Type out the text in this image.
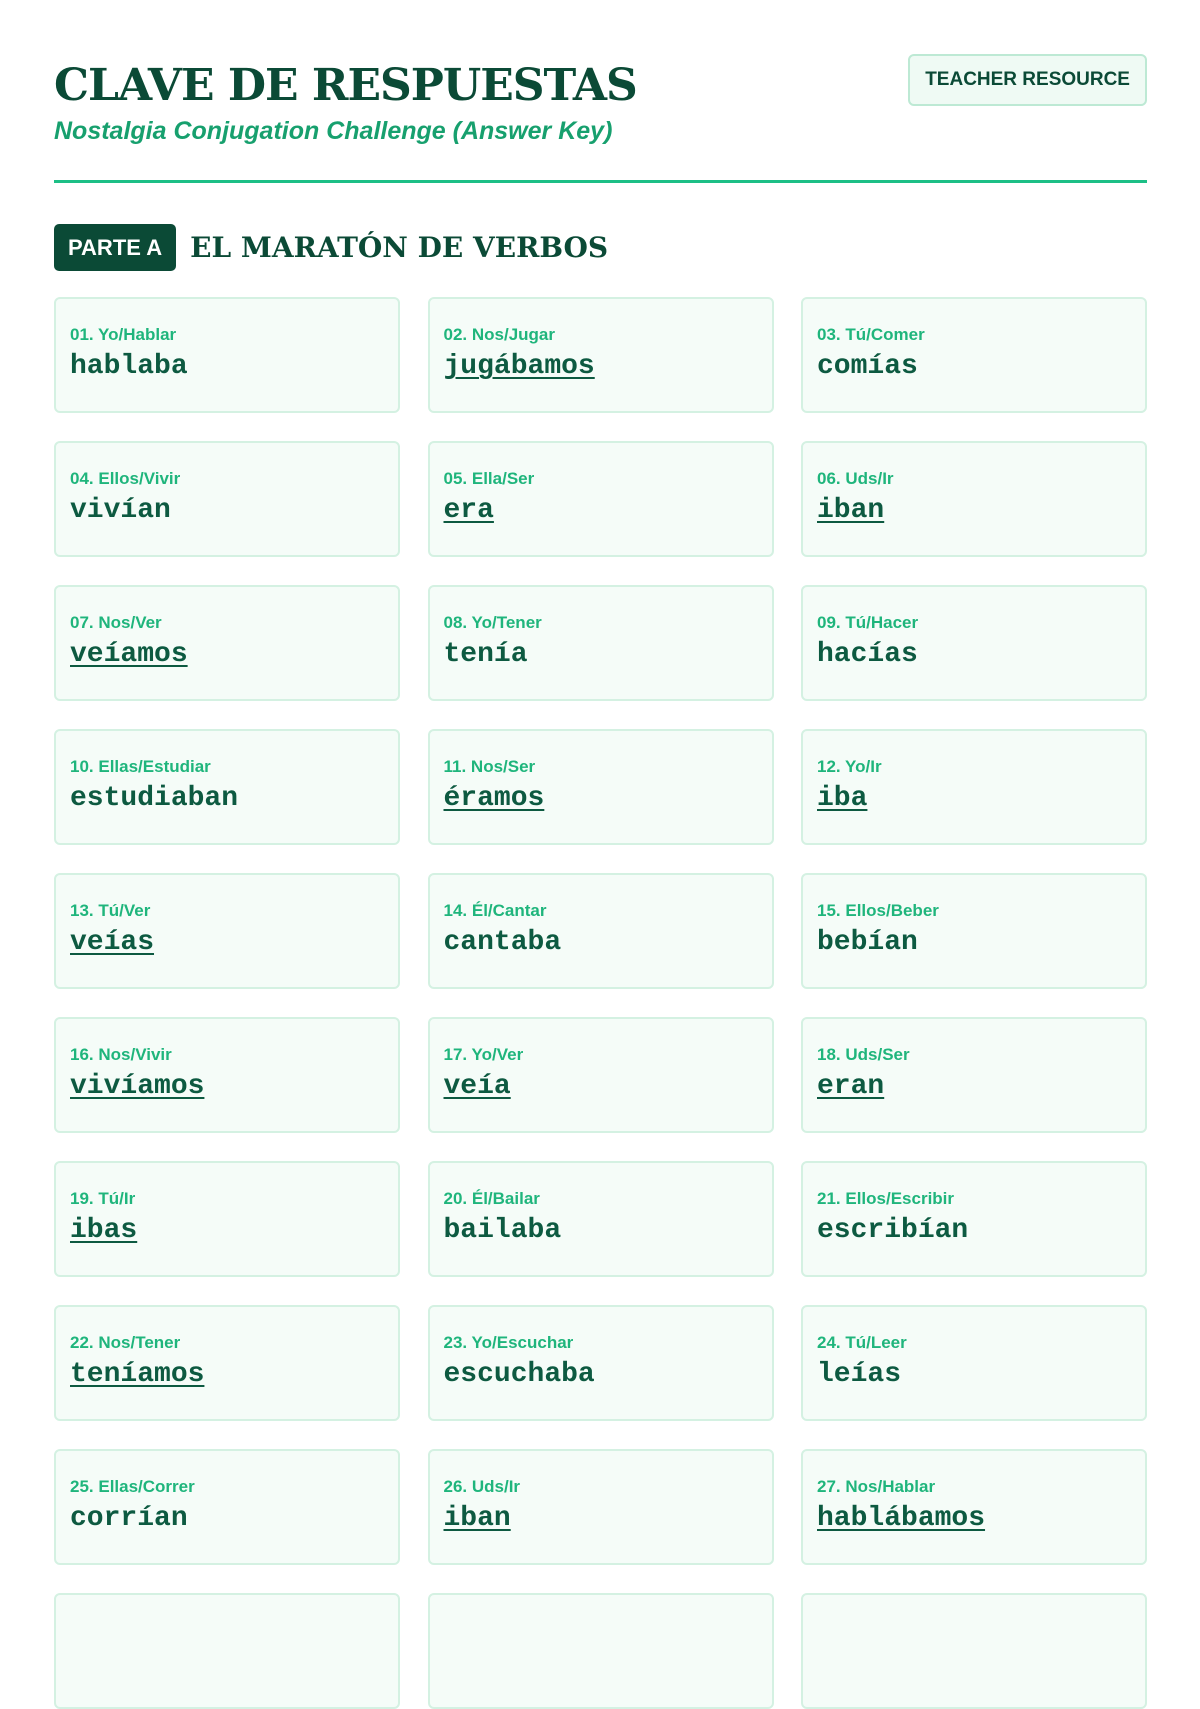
CLAVE DE RESPUESTAS
Nostalgia Conjugation Challenge (Answer Key)
TEACHER RESOURCE
PARTE A	EL MARATÓN DE VERBOS
01. Yo/Hablar
hablaba
02. Nos/Jugar
jugábamos
03. Tú/Comer
comías
04. Ellos/Vivir
vivían
05. Ella/Ser
era
06. Uds/Ir
iban
07. Nos/Ver
veíamos
08. Yo/Tener
tenía
09. Tú/Hacer
hacías
10. Ellas/Estudiar
estudiaban
11. Nos/Ser
éramos
12. Yo/Ir
iba
13. Tú/Ver
veías
14. Él/Cantar
cantaba
15. Ellos/Beber
bebían
16. Nos/Vivir
vivíamos
17. Yo/Ver
veía
18. Uds/Ser
eran
19. Tú/Ir
ibas
20. Él/Bailar
bailaba
21. Ellos/Escribir
escribían
22. Nos/Tener
teníamos
23. Yo/Escuchar
escuchaba
24. Tú/Leer
leías
25. Ellas/Correr
corrían
26. Uds/Ir
iban
27. Nos/Hablar
hablábamos
